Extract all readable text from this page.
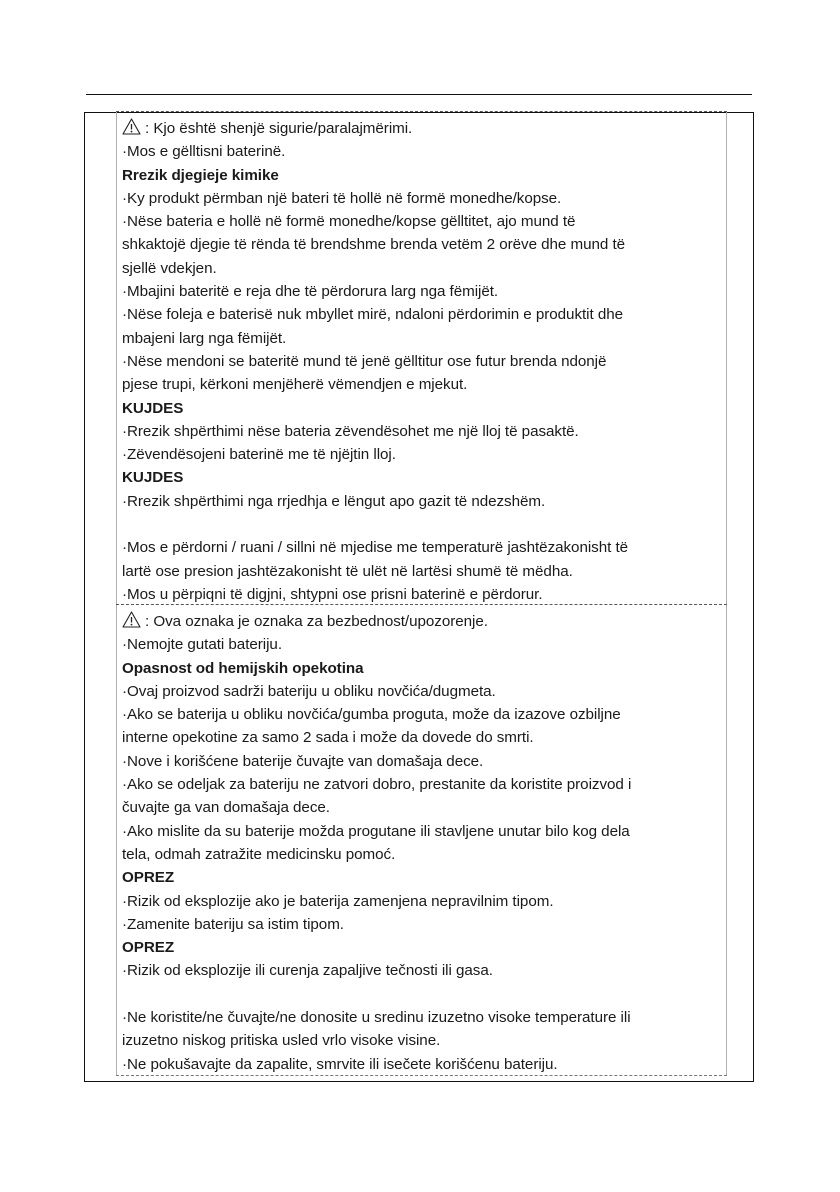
: Kjo është shenjë sigurie/paralajmërimi.
·Mos e gëlltisni baterinë.
Rrezik djegieje kimike
·Ky produkt përmban një bateri të hollë në formë monedhe/kopse.
·Nëse bateria e hollë në formë monedhe/kopse gëlltitet, ajo mund të
shkaktojë djegie të rënda të brendshme brenda vetëm 2 orëve dhe mund të
sjellë vdekjen.
·Mbajini bateritë e reja dhe të përdorura larg nga fëmijët.
·Nëse foleja e baterisë nuk mbyllet mirë, ndaloni përdorimin e produktit dhe
mbajeni larg nga fëmijët.
·Nëse mendoni se bateritë mund të jenë gëlltitur ose futur brenda ndonjë
pjese trupi, kërkoni menjëherë vëmendjen e mjekut.
KUJDES
·Rrezik shpërthimi nëse bateria zëvendësohet me një lloj të pasaktë.
·Zëvendësojeni baterinë me të njëjtin lloj.
KUJDES
·Rrezik shpërthimi nga rrjedhja e lëngut apo gazit të ndezshëm.
·Mos e përdorni / ruani / sillni në mjedise me temperaturë jashtëzakonisht të
lartë ose presion jashtëzakonisht të ulët në lartësi shumë të mëdha.
·Mos u përpiqni të digjni, shtypni ose prisni baterinë e përdorur.
: Ova oznaka je oznaka za bezbednost/upozorenje.
·Nemojte gutati bateriju.
Opasnost od hemijskih opekotina
·Ovaj proizvod sadrži bateriju u obliku novčića/dugmeta.
·Ako se baterija u obliku novčića/gumba proguta, može da izazove ozbiljne
interne opekotine za samo 2 sada i može da dovede do smrti.
·Nove i korišćene baterije čuvajte van domašaja dece.
·Ako se odeljak za bateriju ne zatvori dobro, prestanite da koristite proizvod i
čuvajte ga van domašaja dece.
·Ako mislite da su baterije možda progutane ili stavljene unutar bilo kog dela
tela, odmah zatražite medicinsku pomoć.
OPREZ
·Rizik od eksplozije ako je baterija zamenjena nepravilnim tipom.
·Zamenite bateriju sa istim tipom.
OPREZ
·Rizik od eksplozije ili curenja zapaljive tečnosti ili gasa.
·Ne koristite/ne čuvajte/ne donosite u sredinu izuzetno visoke temperature ili
izuzetno niskog pritiska usled vrlo visoke visine.
·Ne pokušavajte da zapalite, smrvite ili isečete korišćenu bateriju.
